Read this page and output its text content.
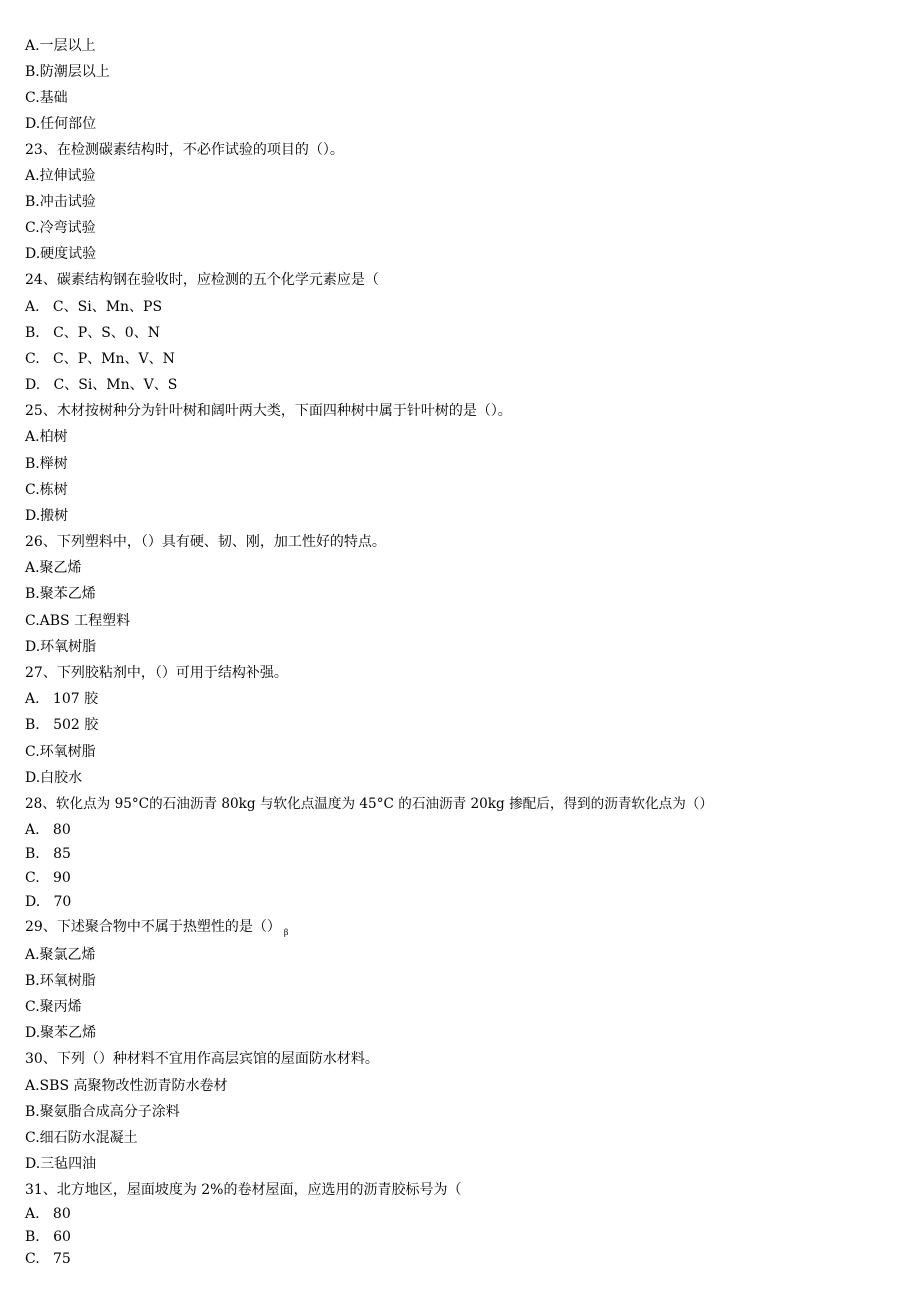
A.一层以上
B.防潮层以上
C.基础
D.任何部位
23、在检测碳素结构时，不必作试验的项目的（）。
A.拉伸试验
B.冲击试验
C.冷弯试验
D.硬度试验
24、碳素结构钢在验收时，应检测的五个化学元素应是（
A.   C、Si、Mn、PS
B.   C、P、S、0、N
C.   C、P、Mn、V、N
D.   C、Si、Mn、V、S
25、木材按树种分为针叶树和阔叶两大类，下面四种树中属于针叶树的是（）。
A.柏树
B.榉树
C.栋树
D.搬树
26、下列塑料中，（）具有硬、韧、刚，加工性好的特点。
A.聚乙烯
B.聚苯乙烯
C.ABS 工程塑料
D.环氧树脂
27、下列胶粘剂中，（）可用于结构补强。
A.   107 胶
B.   502 胶
C.环氧树脂
D.白胶水
28、软化点为 95°C的石油沥青 80kg 与软化点温度为 45°C 的石油沥青 20kg 掺配后，得到的沥青软化点为（）
A.   80
B.   85
C.   90
D.   70
29、下述聚合物中不属于热塑性的是（） $_\beta$
A.聚氯乙烯
B.环氧树脂
C.聚丙烯
D.聚苯乙烯
30、下列（）种材料不宜用作高层宾馆的屋面防水材料。
A.SBS 高聚物改性沥青防水卷材
B.聚氨脂合成高分子涂料
C.细石防水混凝土
D.三毡四油
31、北方地区，屋面坡度为 2%的卷材屋面，应选用的沥青胶标号为（
A.   80
B.   60
C.   75
